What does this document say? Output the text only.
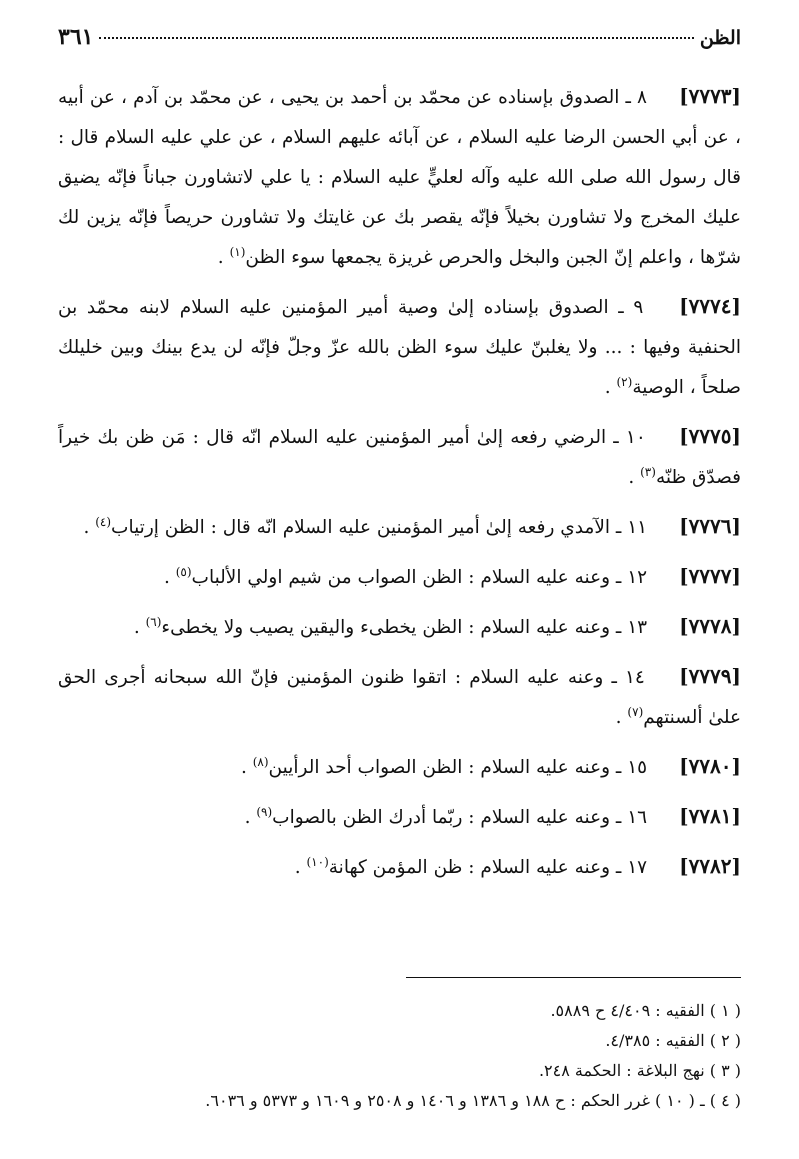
الظن
٣٦١
[٧٧٧٣] ٨ ـ الصدوق بإسناده عن محمّد بن أحمد بن يحيى ، عن محمّد بن آدم ، عن أبيه ، عن أبي الحسن الرضا عليه السلام ، عن آبائه عليهم السلام ، عن علي عليه السلام قال : قال رسول الله صلى الله عليه وآله لعليٍّ عليه السلام : يا علي لاتشاورن جباناً فإنّه يضيق عليك المخرج ولا تشاورن بخيلاً فإنّه يقصر بك عن غايتك ولا تشاورن حريصاً فإنّه يزين لك شرّها ، واعلم إنّ الجبن والبخل والحرص غريزة يجمعها سوء الظن$^{(١)}$ .
[٧٧٧٤] ٩ ـ الصدوق بإسناده إلىٰ وصية أمير المؤمنين عليه السلام لابنه محمّد بن الحنفية وفيها : ... ولا يغلبنّ عليك سوء الظن بالله عزّ وجلّ فإنّه لن يدع بينك وبين خليلك صلحاً ، الوصية$^{(٢)}$ .
[٧٧٧٥] ١٠ ـ الرضي رفعه إلىٰ أمير المؤمنين عليه السلام انّه قال : مَن ظن بك خيراً فصدّق ظنّه$^{(٣)}$ .
[٧٧٧٦] ١١ ـ الآمدي رفعه إلىٰ أمير المؤمنين عليه السلام انّه قال : الظن إرتياب$^{(٤)}$ .
[٧٧٧٧] ١٢ ـ وعنه عليه السلام : الظن الصواب من شيم اولي الألباب$^{(٥)}$ .
[٧٧٧٨] ١٣ ـ وعنه عليه السلام : الظن يخطىء واليقين يصيب ولا يخطىء$^{(٦)}$ .
[٧٧٧٩] ١٤ ـ وعنه عليه السلام : اتقوا ظنون المؤمنين فإنّ الله سبحانه أجرى الحق علىٰ ألسنتهم$^{(٧)}$ .
[٧٧٨٠] ١٥ ـ وعنه عليه السلام : الظن الصواب أحد الرأيين$^{(٨)}$ .
[٧٧٨١] ١٦ ـ وعنه عليه السلام : ربّما أدرك الظن بالصواب$^{(٩)}$ .
[٧٧٨٢] ١٧ ـ وعنه عليه السلام : ظن المؤمن كهانة$^{(١٠)}$ .
( ١ ) الفقيه : ٤/٤٠٩ ح ٥٨٨٩.
( ٢ ) الفقيه : ٤/٣٨٥.
( ٣ ) نهج البلاغة : الحكمة ٢٤٨.
( ٤ ) ـ ( ١٠ ) غرر الحكم : ح ١٨٨ و ١٣٨٦ و ١٤٠٦ و ٢٥٠٨ و ١٦٠٩ و ٥٣٧٣ و ٦٠٣٦.
